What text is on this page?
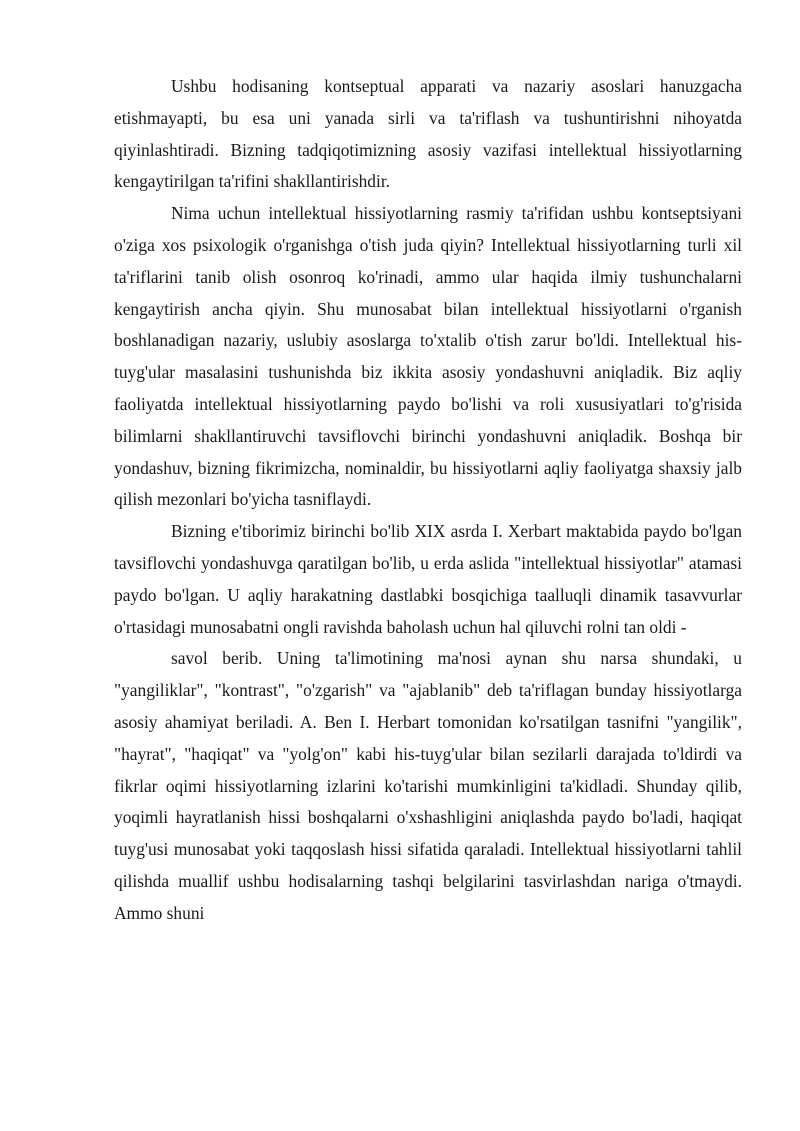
Ushbu hodisaning kontseptual apparati va nazariy asoslari hanuzgacha etishmayapti, bu esa uni yanada sirli va ta'riflash va tushuntirishni nihoyatda qiyinlashtiradi. Bizning tadqiqotimizning asosiy vazifasi intellektual hissiyotlarning kengaytirilgan ta'rifini shakllantirishdir.

Nima uchun intellektual hissiyotlarning rasmiy ta'rifidan ushbu kontseptsiyani o'ziga xos psixologik o'rganishga o'tish juda qiyin? Intellektual hissiyotlarning turli xil ta'riflarini tanib olish osonroq ko'rinadi, ammo ular haqida ilmiy tushunchalarni kengaytirish ancha qiyin. Shu munosabat bilan intellektual hissiyotlarni o'rganish boshlanadigan nazariy, uslubiy asoslarga to'xtalib o'tish zarur bo'ldi. Intellektual his-tuyg'ular masalasini tushunishda biz ikkita asosiy yondashuvni aniqladik. Biz aqliy faoliyatda intellektual hissiyotlarning paydo bo'lishi va roli xususiyatlari to'g'risida bilimlarni shakllantiruvchi tavsiflovchi birinchi yondashuvni aniqladik. Boshqa bir yondashuv, bizning fikrimizcha, nominaldir, bu hissiyotlarni aqliy faoliyatga shaxsiy jalb qilish mezonlari bo'yicha tasniflaydi.

Bizning e'tiborimiz birinchi bo'lib XIX asrda I. Xerbart maktabida paydo bo'lgan tavsiflovchi yondashuvga qaratilgan bo'lib, u erda aslida "intellektual hissiyotlar" atamasi paydo bo'lgan. U aqliy harakatning dastlabki bosqichiga taalluqli dinamik tasavvurlar o'rtasidagi munosabatni ongli ravishda baholash uchun hal qiluvchi rolni tan oldi -

savol berib. Uning ta'limotining ma'nosi aynan shu narsa shundaki, u "yangiliklar", "kontrast", "o'zgarish" va "ajablanib" deb ta'riflagan bunday hissiyotlarga asosiy ahamiyat beriladi. A. Ben I. Herbart tomonidan ko'rsatilgan tasnifni "yangilik", "hayrat", "haqiqat" va "yolg'on" kabi his-tuyg'ular bilan sezilarli darajada to'ldirdi va fikrlar oqimi hissiyotlarning izlarini ko'tarishi mumkinligini ta'kidladi. Shunday qilib, yoqimli hayratlanish hissi boshqalarni o'xshashligini aniqlashda paydo bo'ladi, haqiqat tuyg'usi munosabat yoki taqqoslash hissi sifatida qaraladi. Intellektual hissiyotlarni tahlil qilishda muallif ushbu hodisalarning tashqi belgilarini tasvirlashdan nariga o'tmaydi. Ammo shuni
